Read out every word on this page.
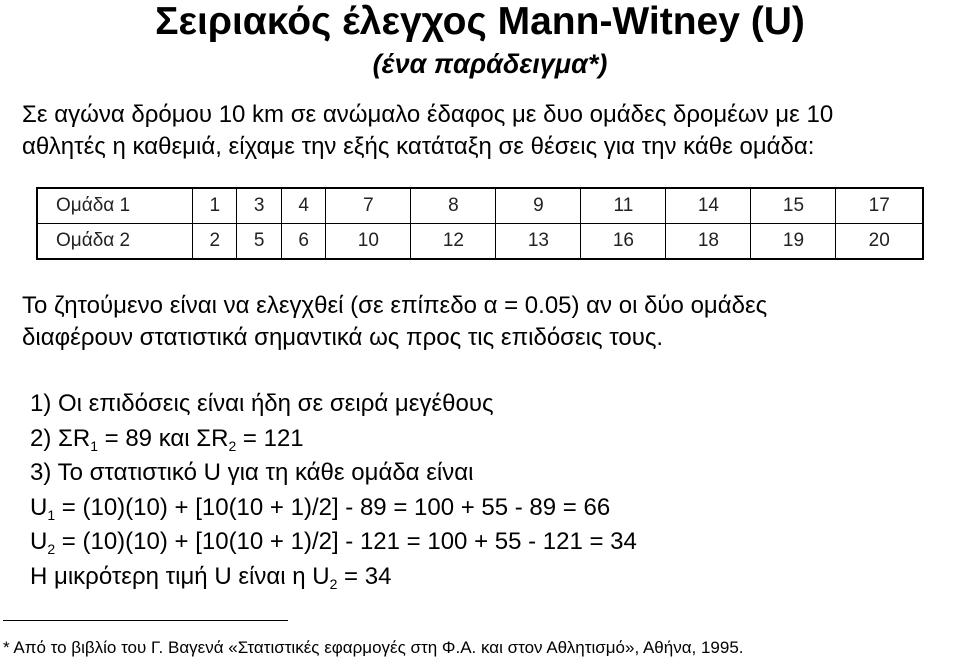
Σειριακός έλεγχος Mann-Witney (U)
(ένα παράδειγμα*)
Σε αγώνα δρόμου 10 km σε ανώμαλο έδαφος με δυο ομάδες δρομέων με 10
αθλητές η καθεμιά, είχαμε την εξής κατάταξη σε θέσεις για την κάθε ομάδα:
Ομάδα 1	1	3	4	7	8	9	11	14	15	17
Ομάδα 2	2	5	6	10	12	13	16	18	19	20
Το ζητούμενο είναι να ελεγχθεί (σε επίπεδο α = 0.05) αν οι δύο ομάδες
διαφέρουν στατιστικά σημαντικά ως προς τις επιδόσεις τους.
1) Οι επιδόσεις είναι ήδη σε σειρά μεγέθους
2) $\Sigma R_1 = 89$ και $\Sigma R_2 = 121$
3) Το στατιστικό U για τη κάθε ομάδα είναι
$U_1 = (10)(10) + [10(10 + 1)/2] - 89 = 100 + 55 - 89 = 66$
$U_2 = (10)(10) + [10(10 + 1)/2] - 121 = 100 + 55 - 121 = 34$
Η μικρότερη τιμή U είναι η $U_2 = 34$
* Από το βιβλίο του Γ. Βαγενά «Στατιστικές εφαρμογές στη Φ.Α. και στον Αθλητισμό», Αθήνα, 1995.
